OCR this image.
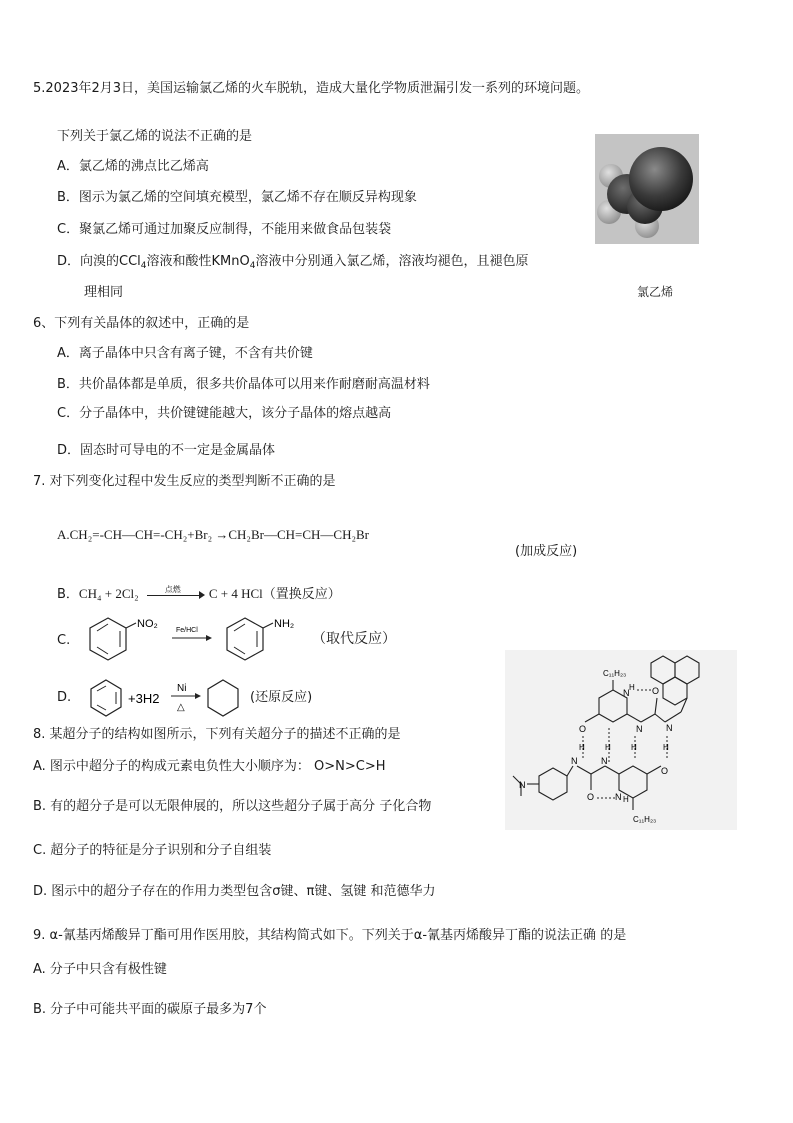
5.2023年2月3日，美国运输氯乙烯的火车脱轨，造成大量化学物质泄漏引发一系列的环境问题。
下列关于氯乙烯的说法不正确的是
A．氯乙烯的沸点比乙烯高
B．图示为氯乙烯的空间填充模型，氯乙烯不存在顺反异构现象
C．聚氯乙烯可通过加聚反应制得，不能用来做食品包装袋
D．向溴的CCl$_4$溶液和酸性KMnO$_4$溶液中分别通入氯乙烯，溶液均褪色，且褪色原
理相同	氯乙烯
6、下列有关晶体的叙述中，正确的是
A．离子晶体中只含有离子键，不含有共价键
B．共价晶体都是单质，很多共价晶体可以用来作耐磨耐高温材料
C．分子晶体中，共价键键能越大，该分子晶体的熔点越高
D．固态时可导电的不一定是金属晶体
7. 对下列变化过程中发生反应的类型判断不正确的是
A.CH₂=-CH—CH=-CH₂+Br₂ →CH₂Br—CH=CH—CH₂Br
(加成反应)
B．CH₄ + 2Cl₂	点燃 C + 4 HCl（置换反应）
C.
NO₂
Fe/HCl
NH₂
（取代反应）
D.	+3H2
Ni
△
(还原反应)
C₁₁H₂₃
O
N
H
N
O
N
H	H	H	H
C₁₁H₂₃
O
N
N H
O
N
N
8. 某超分子的结构如图所示，下列有关超分子的描述不正确的是
A. 图示中超分子的构成元素电负性大小顺序为： O>N>C>H
B. 有的超分子是可以无限伸展的，所以这些超分子属于高分 子化合物
C. 超分子的特征是分子识别和分子自组装
D. 图示中的超分子存在的作用力类型包含σ键、π键、氢键 和范德华力
9. α-氰基丙烯酸异丁酯可用作医用胶，其结构简式如下。下列关于α-氰基丙烯酸异丁酯的说法正确 的是
A. 分子中只含有极性键
B. 分子中可能共平面的碳原子最多为7个
